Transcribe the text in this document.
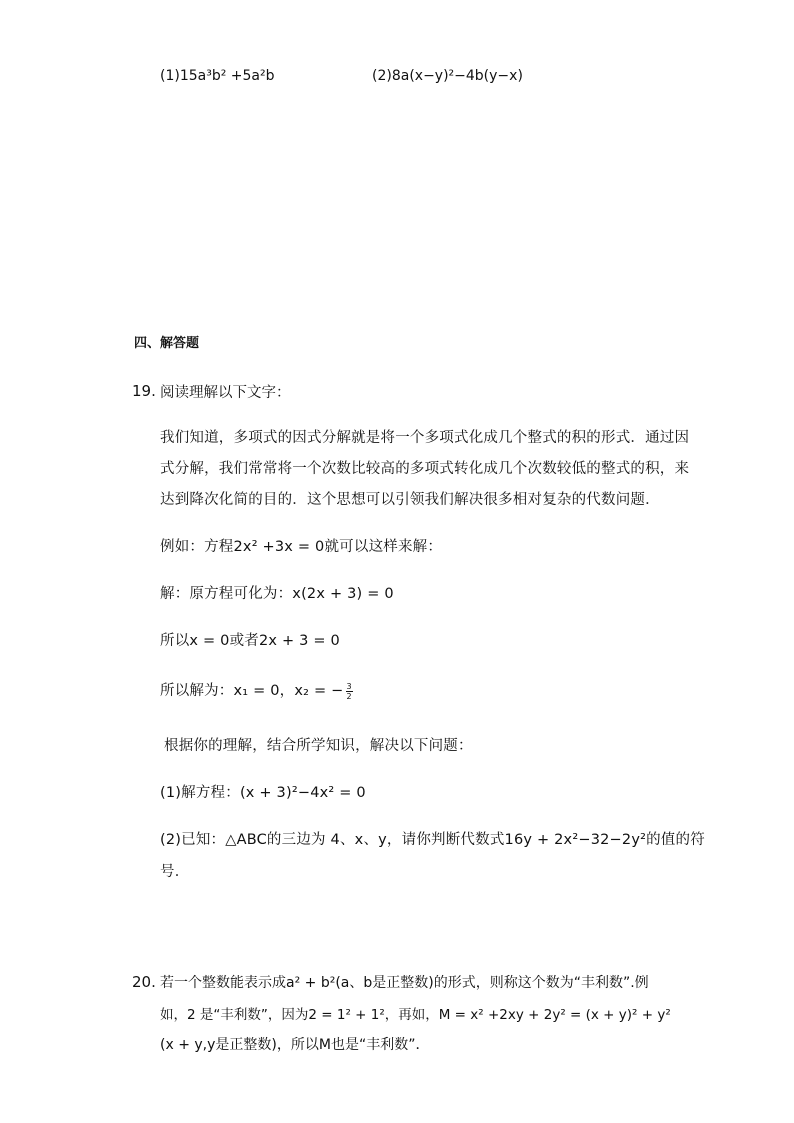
(1)15a³b² +5a²b	(2)8a(x−y)²−4b(y−x)
四、解答题
19. 阅读理解以下文字：
我们知道，多项式的因式分解就是将一个多项式化成几个整式的积的形式．通过因
式分解，我们常常将一个次数比较高的多项式转化成几个次数较低的整式的积，来
达到降次化简的目的．这个思想可以引领我们解决很多相对复杂的代数问题．
例如：方程2x² +3x = 0就可以这样来解：
解：原方程可化为：x(2x + 3) = 0
所以x = 0或者2x + 3 = 0
所以解为：x₁ = 0，x₂ = − $\frac{3}{2}$
根据你的理解，结合所学知识，解决以下问题：
(1)解方程：(x + 3)²−4x² = 0
(2)已知：△ABC的三边为 4、x、y，请你判断代数式16y + 2x²−32−2y²的值的符
号．
20. 若一个整数能表示成a² + b²(a、b是正整数)的形式，则称这个数为“丰利数”.例
如，2 是“丰利数”，因为2 = 1² + 1²，再如，M = x² +2xy + 2y² = (x + y)² + y²
(x + y,y是正整数)，所以M也是“丰利数”．
